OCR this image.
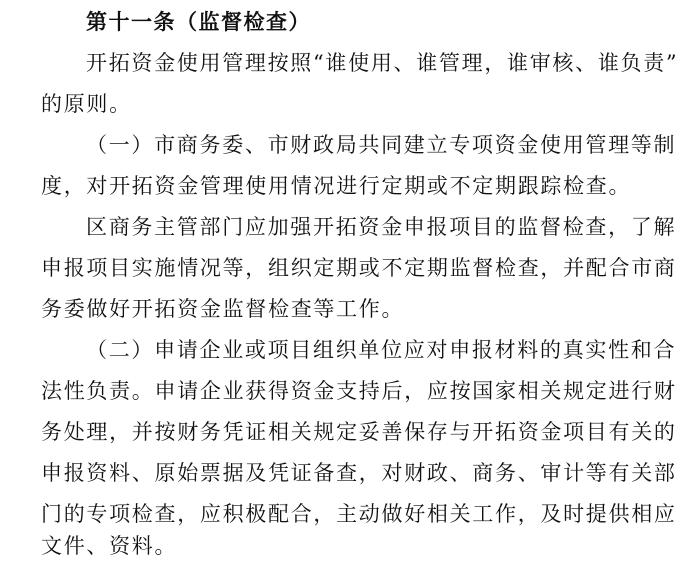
第十一条（监督检查）
开拓资金使用管理按照“谁使用、谁管理，谁审核、谁负责”
的原则。
（一）市商务委、市财政局共同建立专项资金使用管理等制
度，对开拓资金管理使用情况进行定期或不定期跟踪检查。
区商务主管部门应加强开拓资金申报项目的监督检查，了解
申报项目实施情况等，组织定期或不定期监督检查，并配合市商
务委做好开拓资金监督检查等工作。
（二）申请企业或项目组织单位应对申报材料的真实性和合
法性负责。申请企业获得资金支持后，应按国家相关规定进行财
务处理，并按财务凭证相关规定妥善保存与开拓资金项目有关的
申报资料、原始票据及凭证备查，对财政、商务、审计等有关部
门的专项检查，应积极配合，主动做好相关工作，及时提供相应
文件、资料。
